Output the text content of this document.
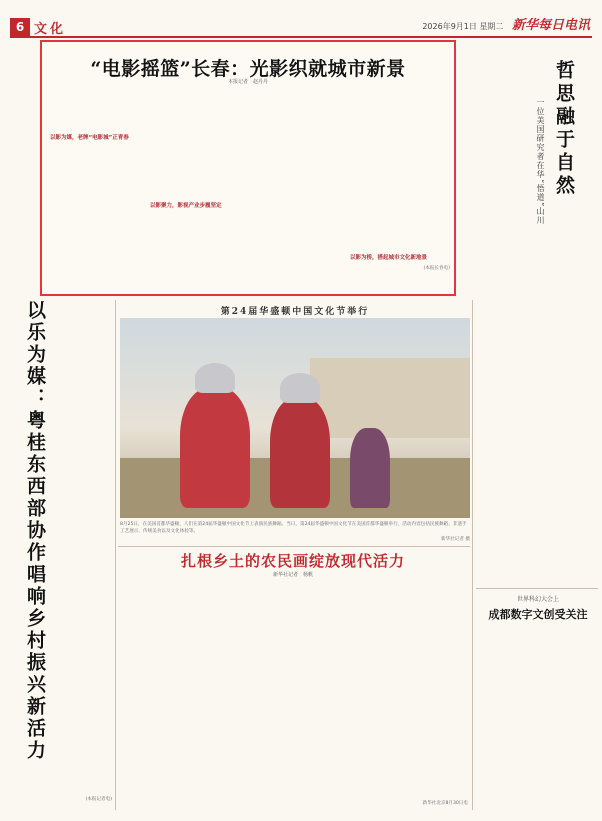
6 文化	2026年9月1日 星期二 新华每日电讯
“电影摇篮”长春：光影织就城市新景
本报记者　赵丹丹
以影为媒，老牌“电影城”正青春
以影聚力，影视产业步履坚定
以影为桥，搭起城市文化新地景
(本报长春电)
哲思融于自然
一位美国研究者在华“悟道”山川
以乐为媒：粤桂东西部协作唱响乡村振兴新活力
(本报记者电)
第24届华盛顿中国文化节举行
8月25日，在美国首都华盛顿，人们在第24届华盛顿中国文化节上表演民族舞蹈。当日，第24届华盛顿中国文化节在美国首都华盛顿举行，活动内容包括民族舞蹈、非遗手工艺展示、传统美食以及文化体验等。
新华社记者 摄
扎根乡土的农民画绽放现代活力
新华社记者　杨帆
新华社北京8月30日电
世界科幻大会上
成都数字文创受关注
